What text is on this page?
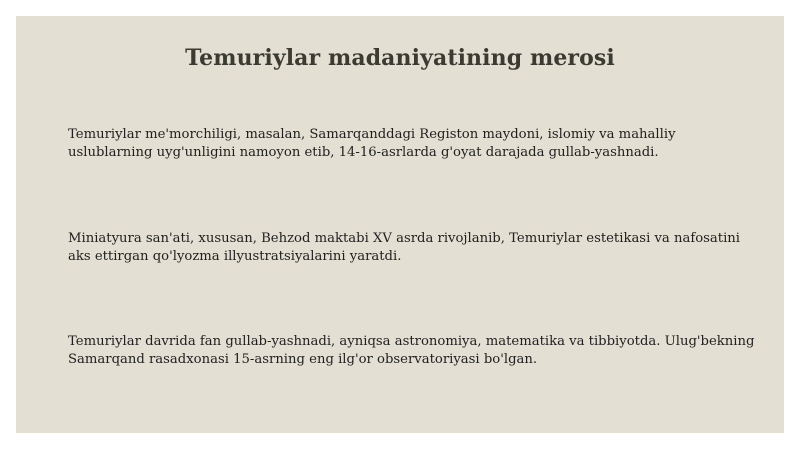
Temuriylar madaniyatining merosi

Temuriylar me'morchiligi, masalan, Samarqanddagi Registon maydoni, islomiy va mahalliy uslublarning uyg'unligini namoyon etib, 14-16-asrlarda g'oyat darajada gullab-yashnadi.

Miniatyura san'ati, xususan, Behzod maktabi XV asrda rivojlanib, Temuriylar estetikasi va nafosatini aks ettirgan qo'lyozma illyustratsiyalarini yaratdi.

Temuriylar davrida fan gullab-yashnadi, ayniqsa astronomiya, matematika va tibbiyotda. Ulug'bekning Samarqand rasadxonasi 15-asrning eng ilg'or observatoriyasi bo'lgan.
